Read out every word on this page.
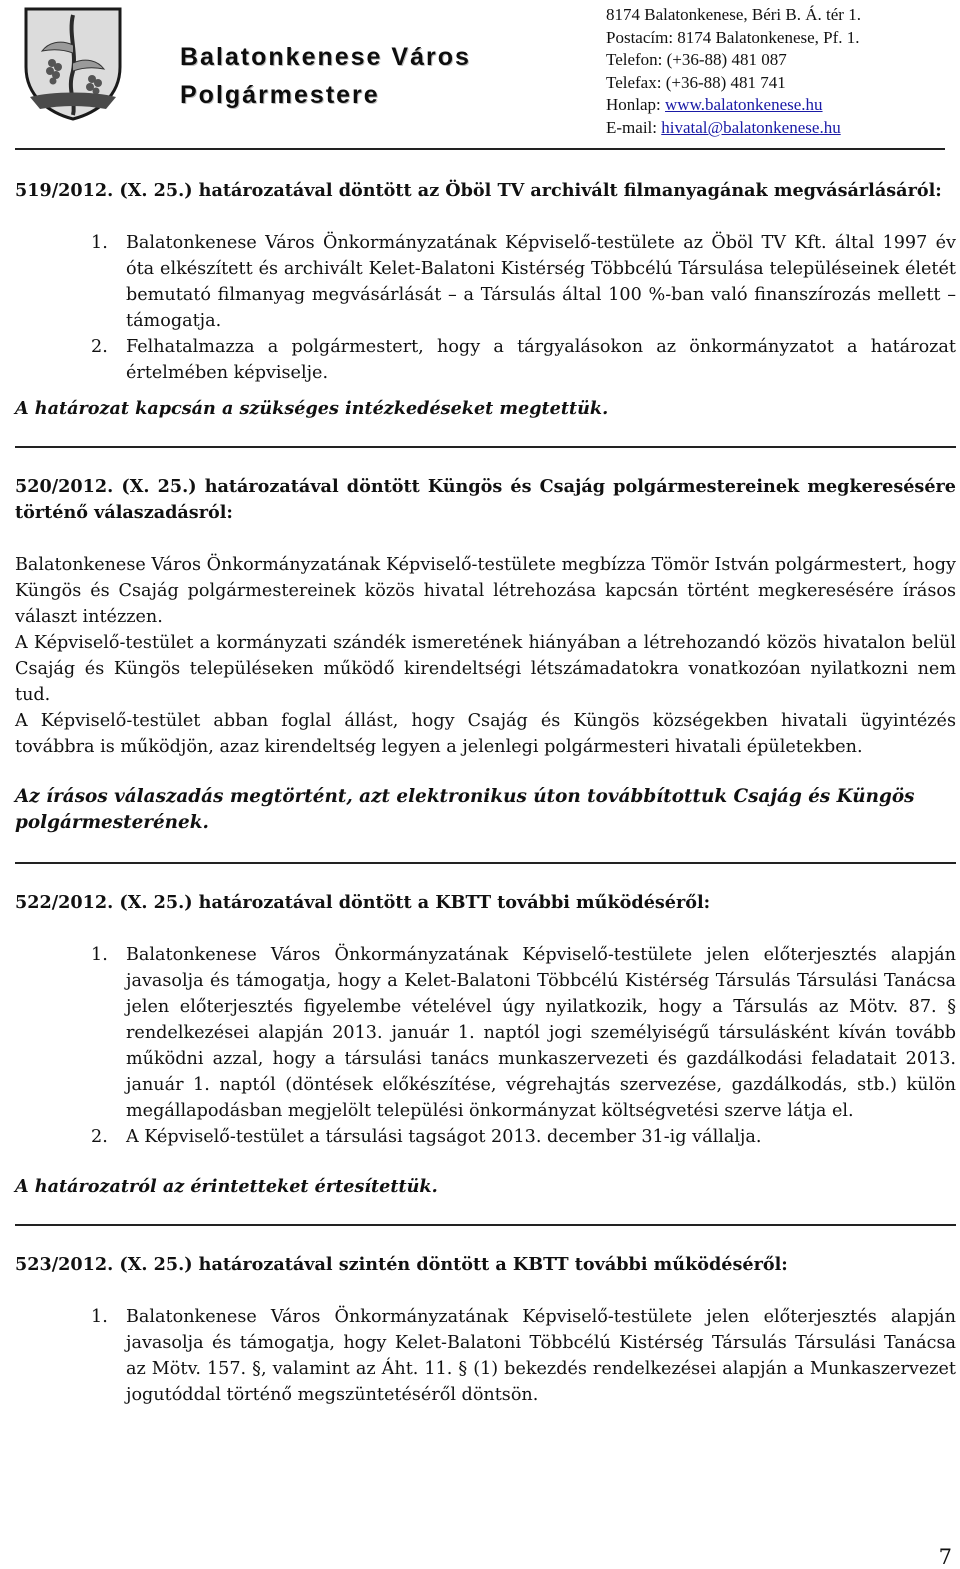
Balatonkenese Város
Polgármestere
8174 Balatonkenese, Béri B. Á. tér 1.
Postacím: 8174 Balatonkenese, Pf. 1.
Telefon: (+36-88) 481 087
Telefax: (+36-88) 481 741
Honlap: www.balatonkenese.hu
E-mail: hivatal@balatonkenese.hu

519/2012. (X. 25.) határozatával döntött az Öböl TV archivált filmanyagának megvásárlásáról:

1. Balatonkenese Város Önkormányzatának Képviselő-testülete az Öböl TV Kft. által 1997 év óta elkészített és archivált Kelet-Balatoni Kistérség Többcélú Társulása településeinek életét bemutató filmanyag megvásárlását – a Társulás által 100 %-ban való finanszírozás mellett – támogatja.
2. Felhatalmazza a polgármestert, hogy a tárgyalásokon az önkormányzatot a határozat értelmében képviselje.

A határozat kapcsán a szükséges intézkedéseket megtettük.

520/2012. (X. 25.) határozatával döntött Küngös és Csajág polgármestereinek megkeresésére történő válaszadásról:

Balatonkenese Város Önkormányzatának Képviselő-testülete megbízza Tömör István polgármestert, hogy Küngös és Csajág polgármestereinek közös hivatal létrehozása kapcsán történt megkeresésére írásos választ intézzen.

A Képviselő-testület a kormányzati szándék ismeretének hiányában a létrehozandó közös hivatalon belül Csajág és Küngös településeken működő kirendeltségi létszámadatokra vonatkozóan nyilatkozni nem tud.

A Képviselő-testület abban foglal állást, hogy Csajág és Küngös községekben hivatali ügyintézés továbbra is működjön, azaz kirendeltség legyen a jelenlegi polgármesteri hivatali épületekben.

Az írásos válaszadás megtörtént, azt elektronikus úton továbbítottuk Csajág és Küngös polgármesterének.

522/2012. (X. 25.) határozatával döntött a KBTT további működéséről:

1. Balatonkenese Város Önkormányzatának Képviselő-testülete jelen előterjesztés alapján javasolja és támogatja, hogy a Kelet-Balatoni Többcélú Kistérség Társulás Társulási Tanácsa jelen előterjesztés figyelembe vételével úgy nyilatkozik, hogy a Társulás az Mötv. 87. § rendelkezései alapján 2013. január 1. naptól jogi személyiségű társulásként kíván tovább működni azzal, hogy a társulási tanács munkaszervezeti és gazdálkodási feladatait 2013. január 1. naptól (döntések előkészítése, végrehajtás szervezése, gazdálkodás, stb.) külön megállapodásban megjelölt települési önkormányzat költségvetési szerve látja el.
2. A Képviselő-testület a társulási tagságot 2013. december 31-ig vállalja.

A határozatról az érintetteket értesítettük.

523/2012. (X. 25.) határozatával szintén döntött a KBTT további működéséről:

1. Balatonkenese Város Önkormányzatának Képviselő-testülete jelen előterjesztés alapján javasolja és támogatja, hogy Kelet-Balatoni Többcélú Kistérség Társulás Társulási Tanácsa az Mötv. 157. §, valamint az Áht. 11. § (1) bekezdés rendelkezései alapján a Munkaszervezet jogutóddal történő megszüntetéséről döntsön.
7
